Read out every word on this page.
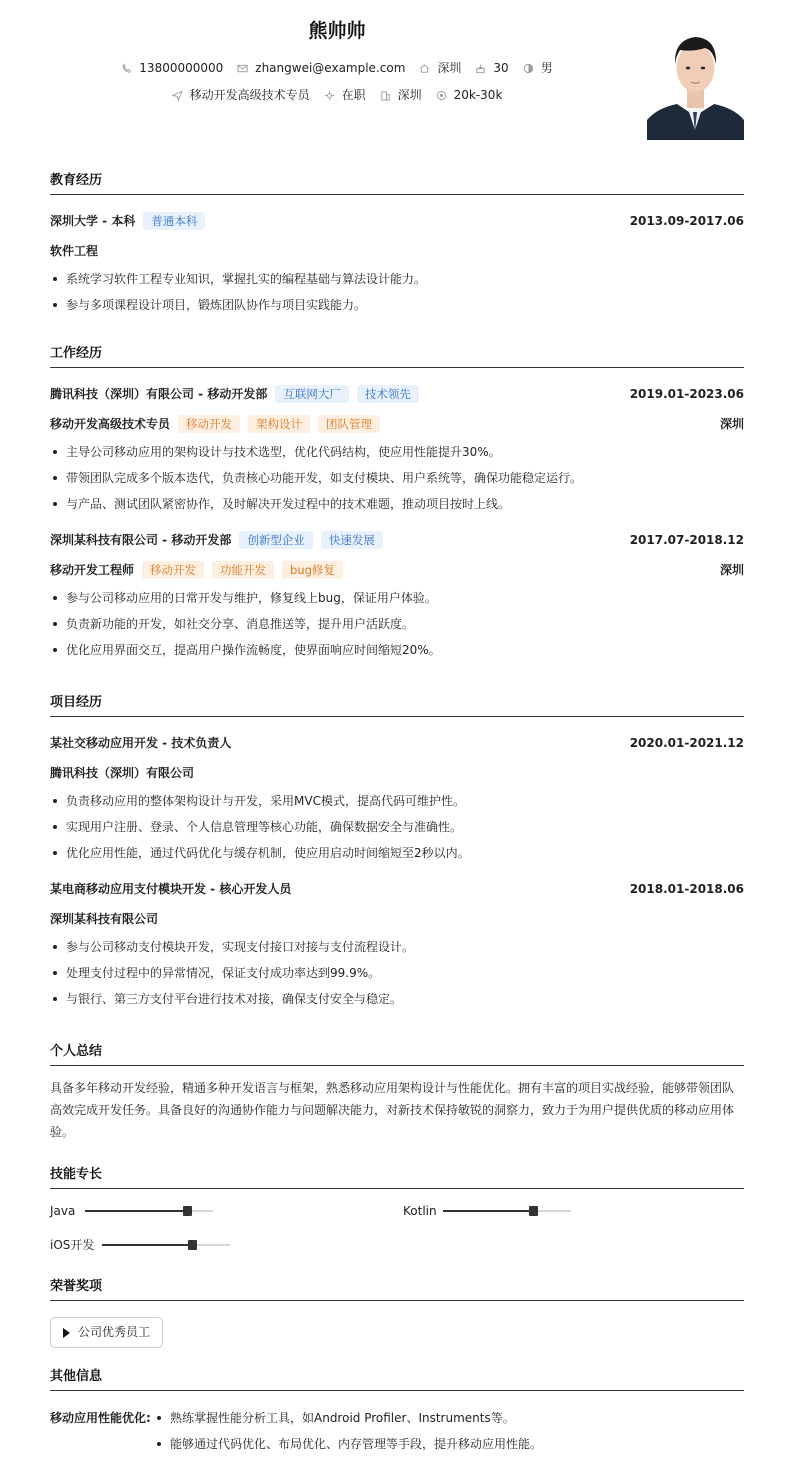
熊帅帅
13800000000	zhangwei@example.com	深圳	30	男
移动开发高级技术专员	在职	深圳	20k-30k
教育经历
深圳大学 - 本科	普通本科	2013.09-2017.06
软件工程
系统学习软件工程专业知识，掌握扎实的编程基础与算法设计能力。
参与多项课程设计项目，锻炼团队协作与项目实践能力。
工作经历
腾讯科技（深圳）有限公司 - 移动开发部	互联网大厂	技术领先	2019.01-2023.06
移动开发高级技术专员	移动开发	架构设计	团队管理	深圳
主导公司移动应用的架构设计与技术选型，优化代码结构，使应用性能提升30%。
带领团队完成多个版本迭代，负责核心功能开发，如支付模块、用户系统等，确保功能稳定运行。
与产品、测试团队紧密协作，及时解决开发过程中的技术难题，推动项目按时上线。
深圳某科技有限公司 - 移动开发部	创新型企业	快速发展	2017.07-2018.12
移动开发工程师	移动开发	功能开发	bug修复	深圳
参与公司移动应用的日常开发与维护，修复线上bug，保证用户体验。
负责新功能的开发，如社交分享、消息推送等，提升用户活跃度。
优化应用界面交互，提高用户操作流畅度，使界面响应时间缩短20%。
项目经历
某社交移动应用开发 - 技术负责人	2020.01-2021.12
腾讯科技（深圳）有限公司
负责移动应用的整体架构设计与开发，采用MVC模式，提高代码可维护性。
实现用户注册、登录、个人信息管理等核心功能，确保数据安全与准确性。
优化应用性能，通过代码优化与缓存机制，使应用启动时间缩短至2秒以内。
某电商移动应用支付模块开发 - 核心开发人员	2018.01-2018.06
深圳某科技有限公司
参与公司移动支付模块开发，实现支付接口对接与支付流程设计。
处理支付过程中的异常情况，保证支付成功率达到99.9%。
与银行、第三方支付平台进行技术对接，确保支付安全与稳定。
个人总结
具备多年移动开发经验，精通多种开发语言与框架，熟悉移动应用架构设计与性能优化。拥有丰富的项目实战经验，能够带领团队高效完成开发任务。具备良好的沟通协作能力与问题解决能力，对新技术保持敏锐的洞察力，致力于为用户提供优质的移动应用体验。
技能专长
Java	Kotlin
iOS开发
荣誉奖项
公司优秀员工
其他信息
移动应用性能优化:	熟练掌握性能分析工具，如Android Profiler、Instruments等。
能够通过代码优化、布局优化、内存管理等手段，提升移动应用性能。
